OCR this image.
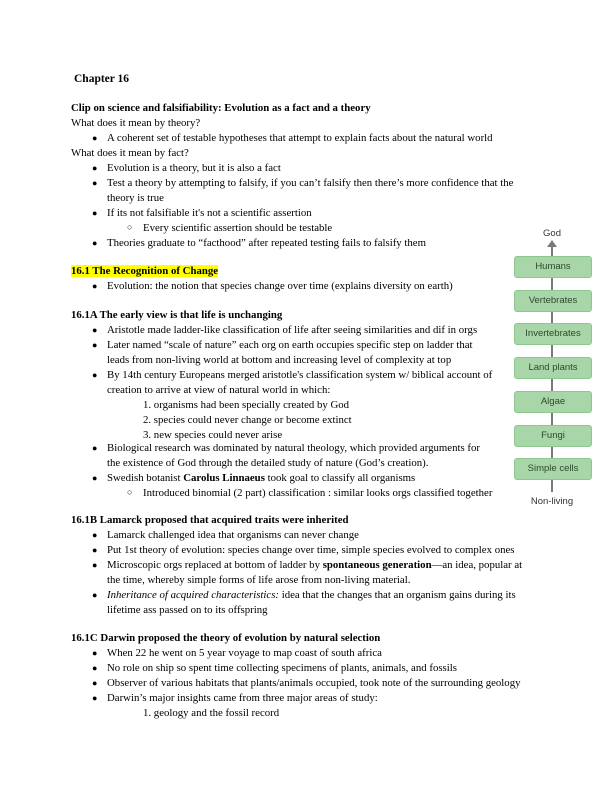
Chapter 16
Clip on science and falsifiability: Evolution as a fact and a theory
What does it mean by theory?
● A coherent set of testable hypotheses that attempt to explain facts about the natural world
What does it mean by fact?
● Evolution is a theory, but it is also a fact
● Test a theory by attempting to falsify, if you can’t falsify then there’s more confidence that the
theory is true
● If its not falsifiable it's not a scientific assertion
○ Every scientific assertion should be testable
● Theories graduate to “facthood” after repeated testing fails to falsify them
16.1 The Recognition of Change
● Evolution: the notion that species change over time (explains diversity on earth)
16.1A The early view is that life is unchanging
● Aristotle made ladder-like classification of life after seeing similarities and dif in orgs
● Later named “scale of nature” each org on earth occupies specific step on ladder that
leads from non-living world at bottom and increasing level of complexity at top
● By 14th century Europeans merged aristotle's classification system w/ biblical account of
creation to arrive at view of natural world in which:
1. organisms had been specially created by God
2. species could never change or become extinct
3. new species could never arise
● Biological research was dominated by natural theology, which provided arguments for
the existence of God through the detailed study of nature (God’s creation).
● Swedish botanist Carolus Linnaeus took goal to classify all organisms
○ Introduced binomial (2 part) classification : similar looks orgs classified together
16.1B Lamarck proposed that acquired traits were inherited
● Lamarck challenged idea that organisms can never change
● Put 1st theory of evolution: species change over time, simple species evolved to complex ones
● Microscopic orgs replaced at bottom of ladder by spontaneous generation—an idea, popular at
the time, whereby simple forms of life arose from non-living material.
● Inheritance of acquired characteristics: idea that the changes that an organism gains during its
lifetime ass passed on to its offspring
16.1C Darwin proposed the theory of evolution by natural selection
● When 22 he went on 5 year voyage to map coast of south africa
● No role on ship so spent time collecting specimens of plants, animals, and fossils
● Observer of various habitats that plants/animals occupied, took note of the surrounding geology
● Darwin’s major insights came from three major areas of study:
1. geology and the fossil record
God
Humans
Vertebrates
Invertebrates
Land plants
Algae
Fungi
Simple cells
Non-living
